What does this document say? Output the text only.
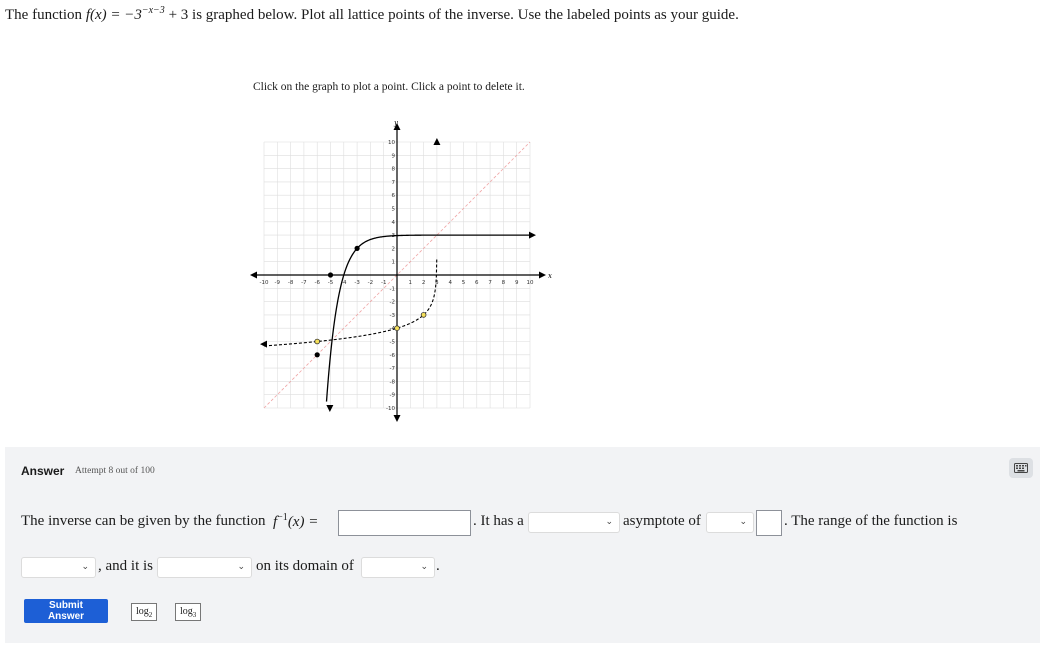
The function $f(x) = -3^{-x-3} + 3$ is graphed below. Plot all lattice points of the inverse. Use the labeled points as your guide.
Click on the graph to plot a point. Click a point to delete it.
x
y
-10 -9 -8 -7 -6 -5 -4 -3 -2 -1	1 2 3 4 5 6 7 8 9 10
10
9
8
7
6
5
4
3
2
1
-1
-2
-3
-4
-5
-6
-7
-8
-9
-10
Answer Attempt 8 out of 100
The inverse can be given by the function $f^{-1}(x)$ =	. It has a	⌄ asymptote of	⌄ . The range of the function is
⌄ , and it is	⌄ on its domain of	⌄ .
Submit Answer	$\log_2$	$\log_3$
